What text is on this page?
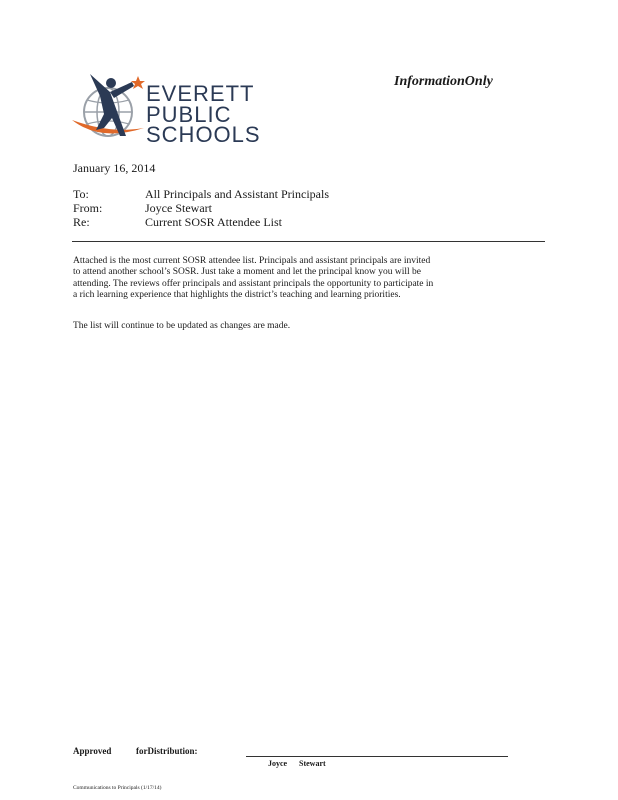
EVERETT
PUBLIC
SCHOOLS
InformationOnly
January 16, 2014
To:	All Principals and Assistant Principals
From:	Joyce Stewart
Re:	Current SOSR Attendee List
Attached is the most current SOSR attendee list. Principals and assistant principals are invited
to attend another school’s SOSR. Just take a moment and let the principal know you will be
attending. The reviews offer principals and assistant principals the opportunity to participate in
a rich learning experience that highlights the district’s teaching and learning priorities.
The list will continue to be updated as changes are made.
Approved	forDistribution:
Joyce Stewart
Communications to Principals (1/17/14)
